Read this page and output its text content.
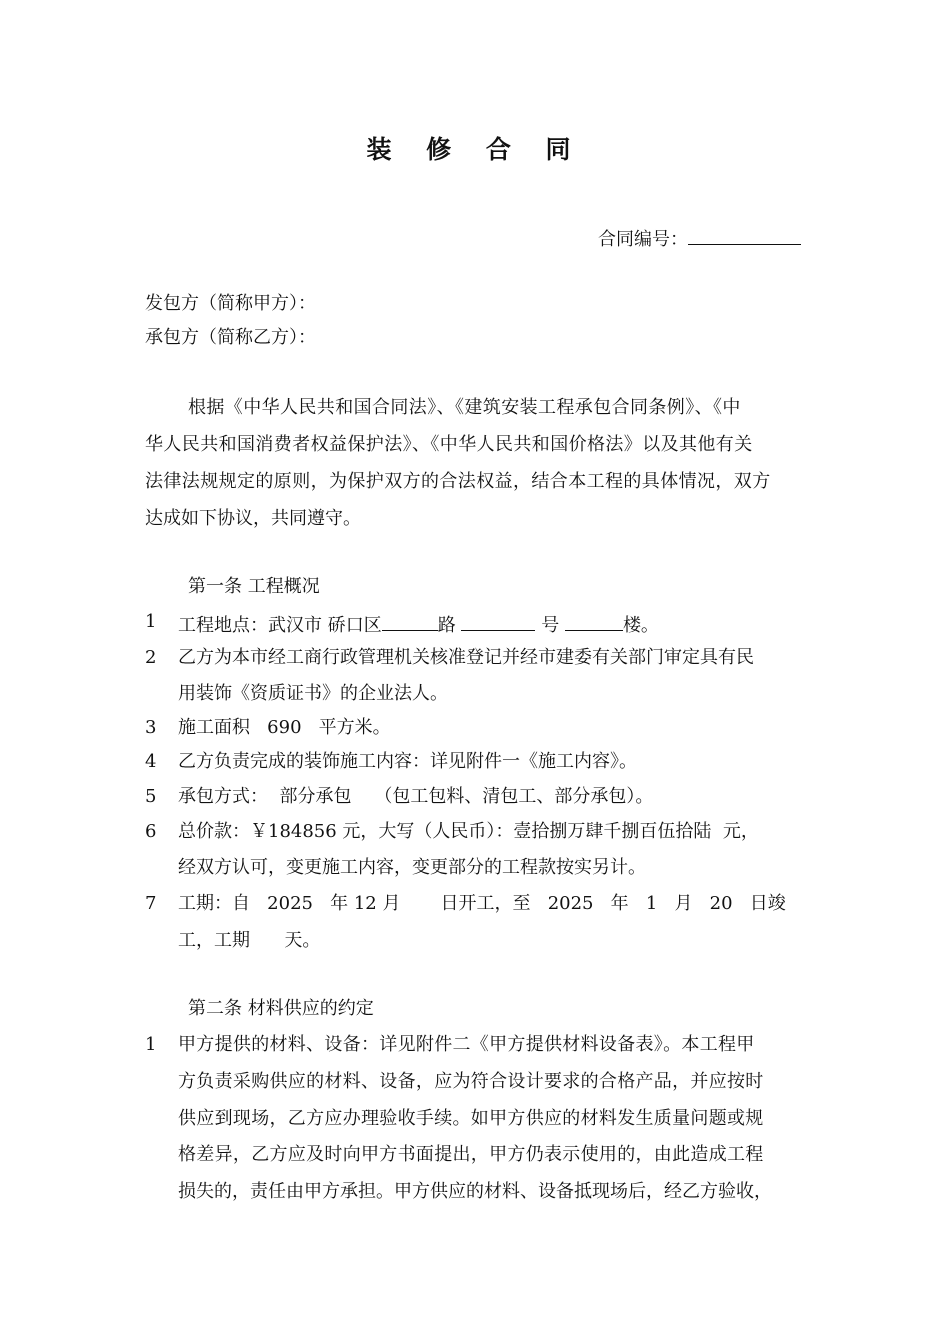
装 修 合 同
合同编号：
发包方（简称甲方）：
承包方（简称乙方）：
根据《中华人民共和国合同法》、《建筑安装工程承包合同条例》、《中
华人民共和国消费者权益保护法》、《中华人民共和国价格法》以及其他有关
法律法规规定的原则，为保护双方的合法权益，结合本工程的具体情况，双方
达成如下协议，共同遵守。
第一条 工程概况
1 工程地点：武汉市 硚口区	路	号	楼。
2 乙方为本市经工商行政管理机关核准登记并经市建委有关部门审定具有民
用装饰《资质证书》的企业法人。
3 施工面积   690   平方米。
4 乙方负责完成的装饰施工内容：详见附件一《施工内容》。
5 承包方式：  部分承包    （包工包料、清包工、部分承包）。
6 总价款：￥184856 元，大写（人民币）：壹拾捌万肆千捌百伍拾陆  元，
经双方认可，变更施工内容，变更部分的工程款按实另计。
7 工期：自   2025   年 12 月       日开工，至   2025   年   1   月   20   日竣
工，工期      天。
第二条 材料供应的约定
1 甲方提供的材料、设备：详见附件二《甲方提供材料设备表》。本工程甲
方负责采购供应的材料、设备，应为符合设计要求的合格产品，并应按时
供应到现场，乙方应办理验收手续。如甲方供应的材料发生质量问题或规
格差异，乙方应及时向甲方书面提出，甲方仍表示使用的，由此造成工程
损失的，责任由甲方承担。甲方供应的材料、设备抵现场后，经乙方验收，
